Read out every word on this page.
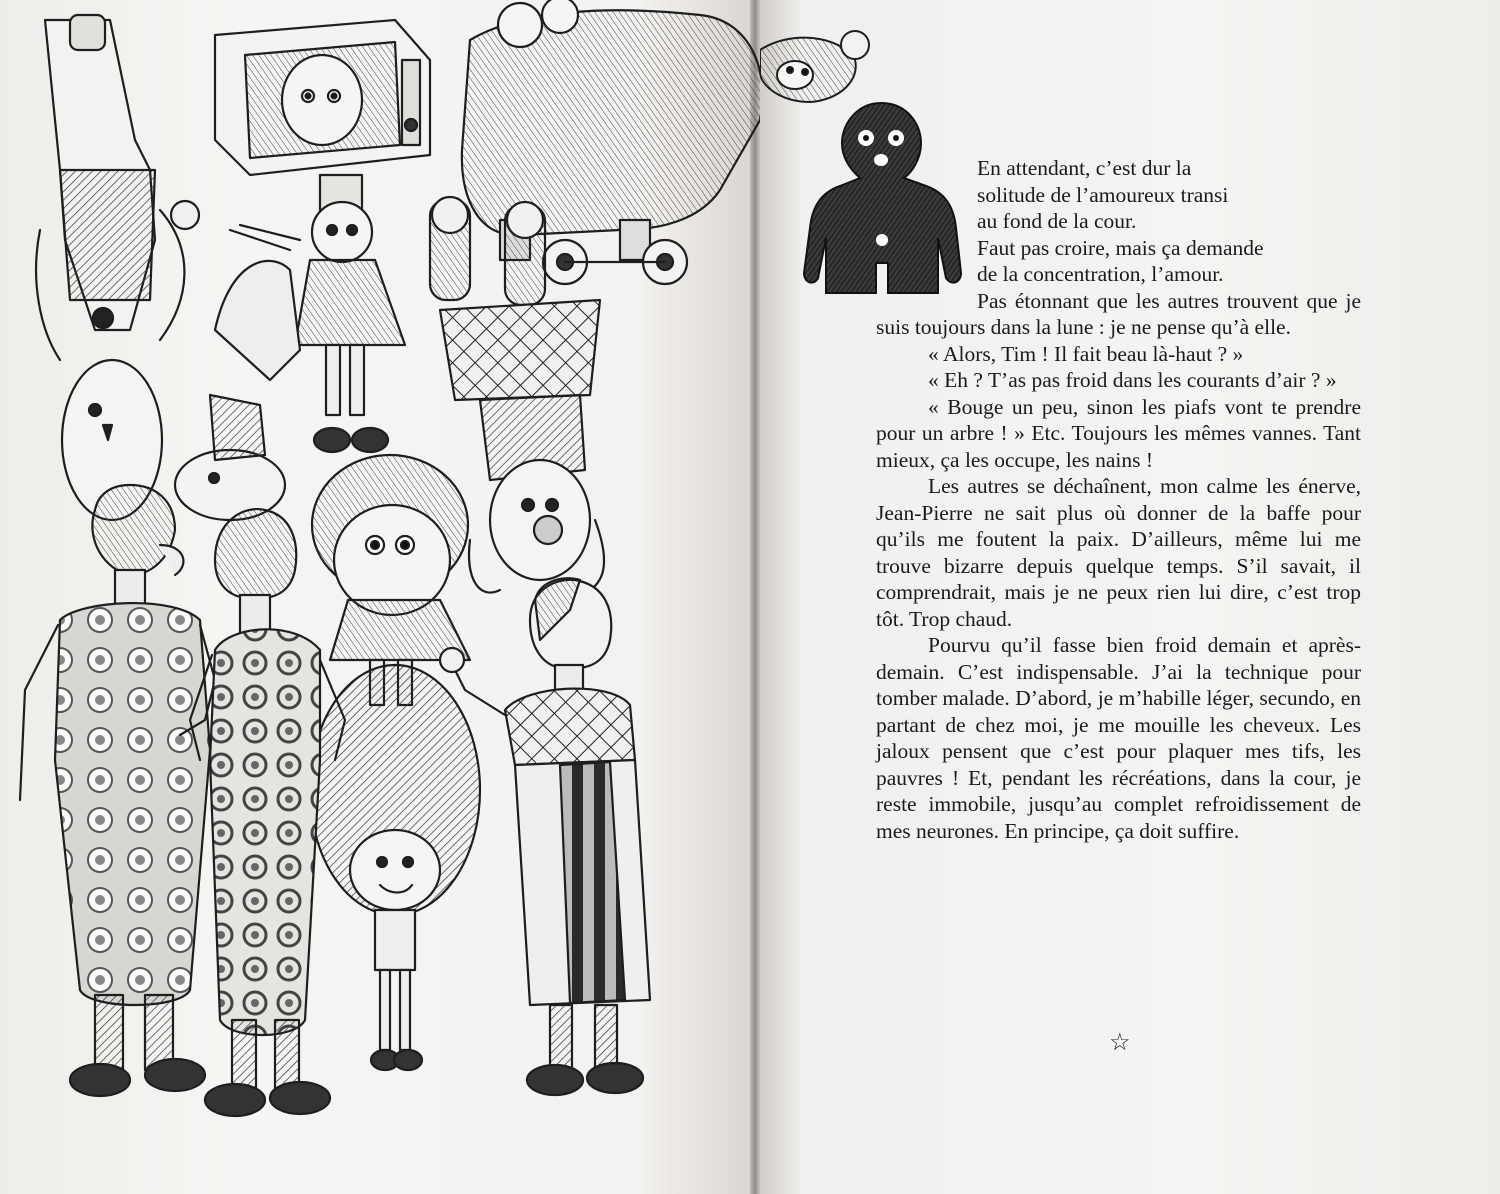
En attendant, c’est dur la

solitude de l’amoureux transi

au fond de la cour.

Faut pas croire, mais ça demande

de la concentration, l’amour.

Pas étonnant que les autres trouvent que je suis toujours dans la lune : je ne pense qu’à elle.

« Alors, Tim ! Il fait beau là-haut ? »

« Eh ? T’as pas froid dans les courants d’air ? »

« Bouge un peu, sinon les piafs vont te prendre pour un arbre ! » Etc. Toujours les mêmes vannes. Tant mieux, ça les occupe, les nains !

Les autres se déchaînent, mon calme les énerve, Jean-Pierre ne sait plus où donner de la baffe pour qu’ils me foutent la paix. D’ailleurs, même lui me trouve bizarre depuis quelque temps. S’il savait, il comprendrait, mais je ne peux rien lui dire, c’est trop tôt. Trop chaud.

Pourvu qu’il fasse bien froid demain et après-demain. C’est indispensable. J’ai la technique pour tomber malade. D’abord, je m’habille léger, secundo, en partant de chez moi, je me mouille les cheveux. Les jaloux pensent que c’est pour plaquer mes tifs, les pauvres ! Et, pendant les récréations, dans la cour, je reste immobile, jusqu’au complet refroidissement de mes neurones. En principe, ça doit suffire.

☆
